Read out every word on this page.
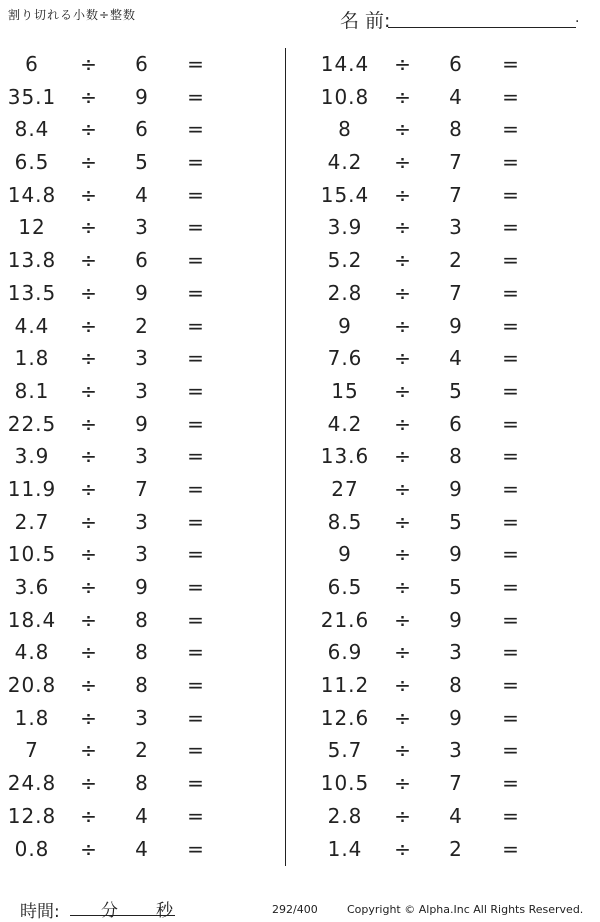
割り切れる小数÷整数	名 前:	.
6	÷	6	=
35.1	÷	9	=
8.4	÷	6	=
6.5	÷	5	=
14.8	÷	4	=
12	÷	3	=
13.8	÷	6	=
13.5	÷	9	=
4.4	÷	2	=
1.8	÷	3	=
8.1	÷	3	=
22.5	÷	9	=
3.9	÷	3	=
11.9	÷	7	=
2.7	÷	3	=
10.5	÷	3	=
3.6	÷	9	=
18.4	÷	8	=
4.8	÷	8	=
20.8	÷	8	=
1.8	÷	3	=
7	÷	2	=
24.8	÷	8	=
12.8	÷	4	=
0.8	÷	4	=
14.4	÷	6	=
10.8	÷	4	=
8	÷	8	=
4.2	÷	7	=
15.4	÷	7	=
3.9	÷	3	=
5.2	÷	2	=
2.8	÷	7	=
9	÷	9	=
7.6	÷	4	=
15	÷	5	=
4.2	÷	6	=
13.6	÷	8	=
27	÷	9	=
8.5	÷	5	=
9	÷	9	=
6.5	÷	5	=
21.6	÷	9	=
6.9	÷	3	=
11.2	÷	8	=
12.6	÷	9	=
5.7	÷	3	=
10.5	÷	7	=
2.8	÷	4	=
1.4	÷	2	=
時間: 分 秒	292/400	Copyright © Alpha.Inc All Rights Reserved.
